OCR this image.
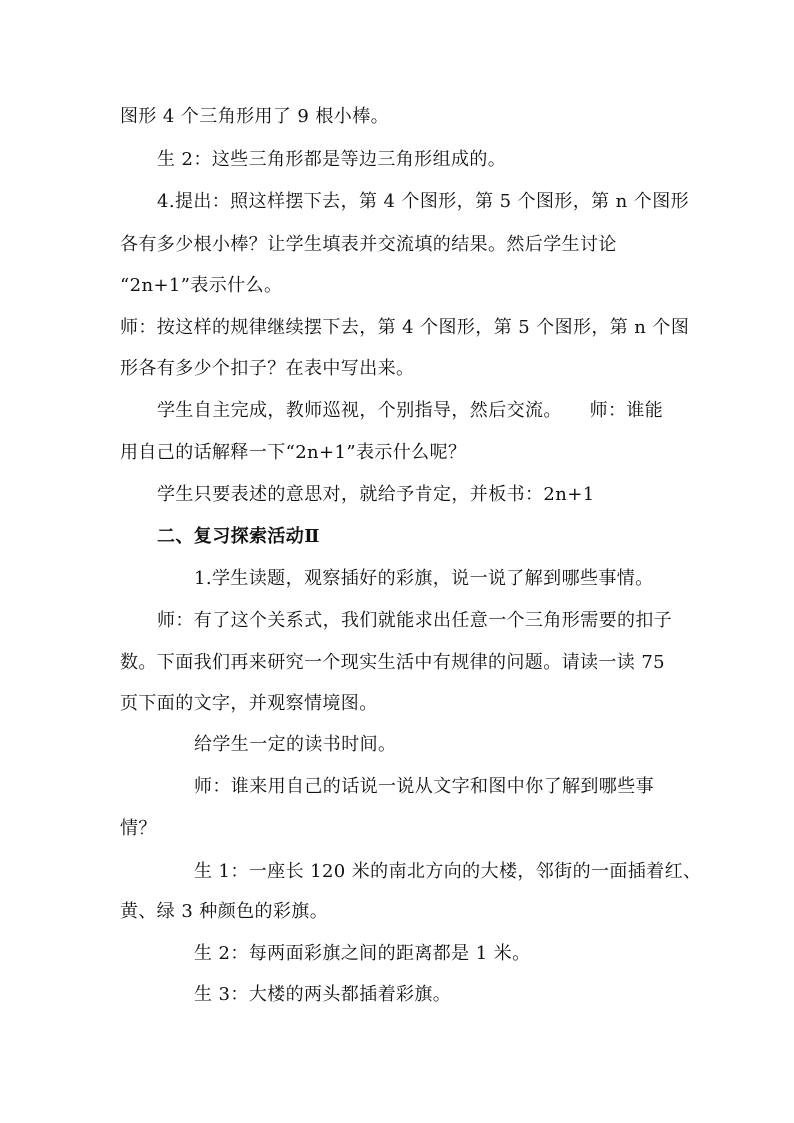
图形 4 个三角形用了 9 根小棒。
生 2：这些三角形都是等边三角形组成的。
4.提出：照这样摆下去，第 4 个图形，第 5 个图形，第 n 个图形
各有多少根小棒？让学生填表并交流填的结果。然后学生讨论
“2n+1”表示什么。
师：按这样的规律继续摆下去，第 4 个图形，第 5 个图形，第 n 个图
形各有多少个扣子？在表中写出来。
学生自主完成，教师巡视，个别指导，然后交流。　　师：谁能
用自己的话解释一下“2n+1”表示什么呢？
学生只要表述的意思对，就给予肯定，并板书：2n+1
二、复习探索活动Ⅱ
1.学生读题，观察插好的彩旗，说一说了解到哪些事情。
师：有了这个关系式，我们就能求出任意一个三角形需要的扣子
数。下面我们再来研究一个现实生活中有规律的问题。请读一读 75
页下面的文字，并观察情境图。
给学生一定的读书时间。
师：谁来用自己的话说一说从文字和图中你了解到哪些事
情？
生 1：一座长 120 米的南北方向的大楼，邻街的一面插着红、
黄、绿 3 种颜色的彩旗。
生 2：每两面彩旗之间的距离都是 1 米。
生 3：大楼的两头都插着彩旗。
